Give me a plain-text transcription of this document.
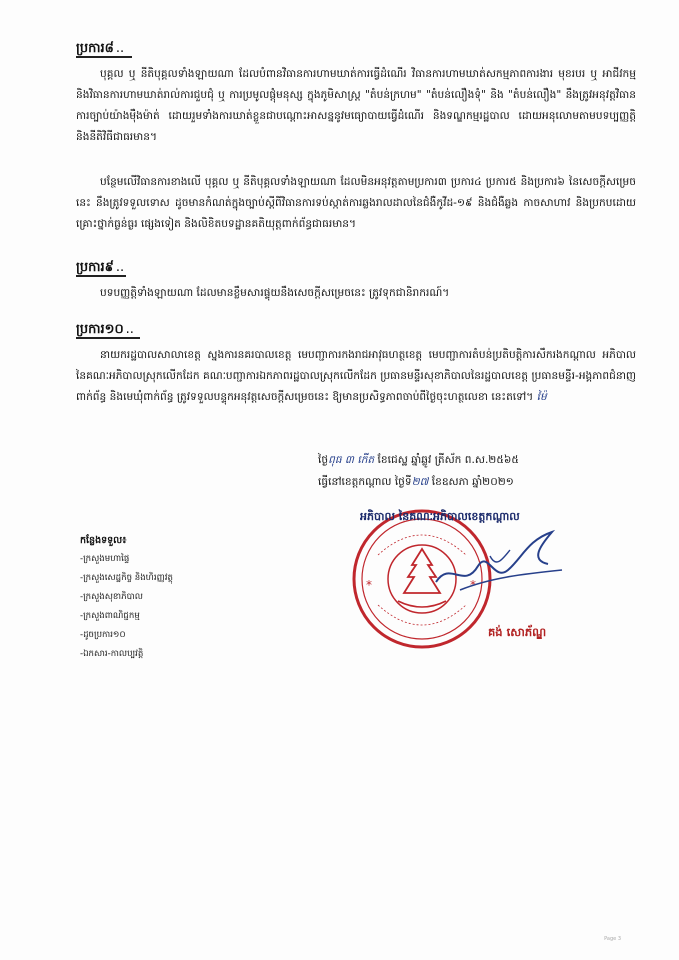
ប្រការ៨ ..
បុគ្គល ឬ នីតិបុគ្គលទាំងឡាយណា ដែលបំពានវិធានការហាមឃាត់ការធ្វើដំណើរ វិធានការហាមឃាត់សកម្មភាពការងារ មុខរបរ ឬ អាជីវកម្ម និងវិធានការហាមឃាត់រាល់ការជួបជុំ ឬ ការប្រមូលផ្ដុំមនុស្ស ក្នុងភូមិសាស្ត្រ "តំបន់ក្រហម" "តំបន់លឿងទុំ" និង "តំបន់លឿង" នឹងត្រូវអនុវត្តវិធានការច្បាប់យ៉ាងម៉ឺងម៉ាត់ ដោយរួមទាំងការឃាត់ខ្លួនជាបណ្ដោះអាសន្ននូវមធ្យោបាយធ្វើដំណើរ និងទណ្ឌកម្មរដ្ឋបាល ដោយអនុលោមតាមបទប្បញ្ញត្តិ និងនីតិវិធីជាធរមាន។
បន្ថែមលើវិធានការខាងលើ បុគ្គល ឬ នីតិបុគ្គលទាំងឡាយណា ដែលមិនអនុវត្តតាមប្រការ៣ ប្រការ៤ ប្រការ៥ និងប្រការ៦ នៃសេចក្ដីសម្រេចនេះ នឹងត្រូវទទួលទោស ដូចមានកំណត់ក្នុងច្បាប់ស្ដីពីវិធានការទប់ស្កាត់ការឆ្លងរាលដាលនៃជំងឺកូវីដ-១៩ និងជំងឺឆ្លង កាចសាហាវ និងប្រកបដោយគ្រោះថ្នាក់ធ្ងន់ធ្ងរ ផ្សេងទៀត និងលិខិតបទដ្ឋានគតិយុត្តពាក់ព័ន្ធជាធរមាន។
ប្រការ៩ ..
បទបញ្ញត្តិទាំងឡាយណា ដែលមានខ្លឹមសារផ្ទុយនឹងសេចក្ដីសម្រេចនេះ ត្រូវទុកជានិរាករណ៍។
ប្រការ១០ ..
នាយករដ្ឋបាលសាលាខេត្ត ស្នងការនគរបាលខេត្ត មេបញ្ជាការកងរាជអាវុធហត្ថខេត្ត មេបញ្ជាការតំបន់ប្រតិបត្តិការសឹករងកណ្ដាល អភិបាល នៃគណៈអភិបាលស្រុកលើកដែក គណៈបញ្ជាការឯកភាពរដ្ឋបាលស្រុកលើកដែក ប្រធានមន្ទីរសុខាភិបាលនៃរដ្ឋបាលខេត្ត ប្រធានមន្ទីរ-អង្គភាពជំនាញពាក់ព័ន្ធ និងមេឃុំពាក់ព័ន្ធ ត្រូវទទួលបន្ទុកអនុវត្តសេចក្ដីសម្រេចនេះ ឱ្យមានប្រសិទ្ធភាពចាប់ពីថ្ងៃចុះហត្ថលេខា នេះតទៅ។ ម៉ៃ
ថ្ងៃពុធ ៣ កើត ខែជេស្ឋ ឆ្នាំឆ្លូវ ត្រីស័ក ព.ស.២៥៦៥
ធ្វើនៅខេត្តកណ្ដាល ថ្ងៃទី២៧ ខែឧសភា ឆ្នាំ២០២១
*
*
អភិបាល នៃគណៈអភិបាលខេត្តកណ្ដាល
គង់ សោភ័ណ្ឌ
កន្លែងទទួល៖
-ក្រសួងមហាផ្ទៃ
-ក្រសួងសេដ្ឋកិច្ច និងហិរញ្ញវត្ថុ
-ក្រសួងសុខាភិបាល
-ក្រសួងពាណិជ្ជកម្ម
-ដូចប្រការ១០
-ឯកសារ-កាលប្បវត្តិ
Page 3
